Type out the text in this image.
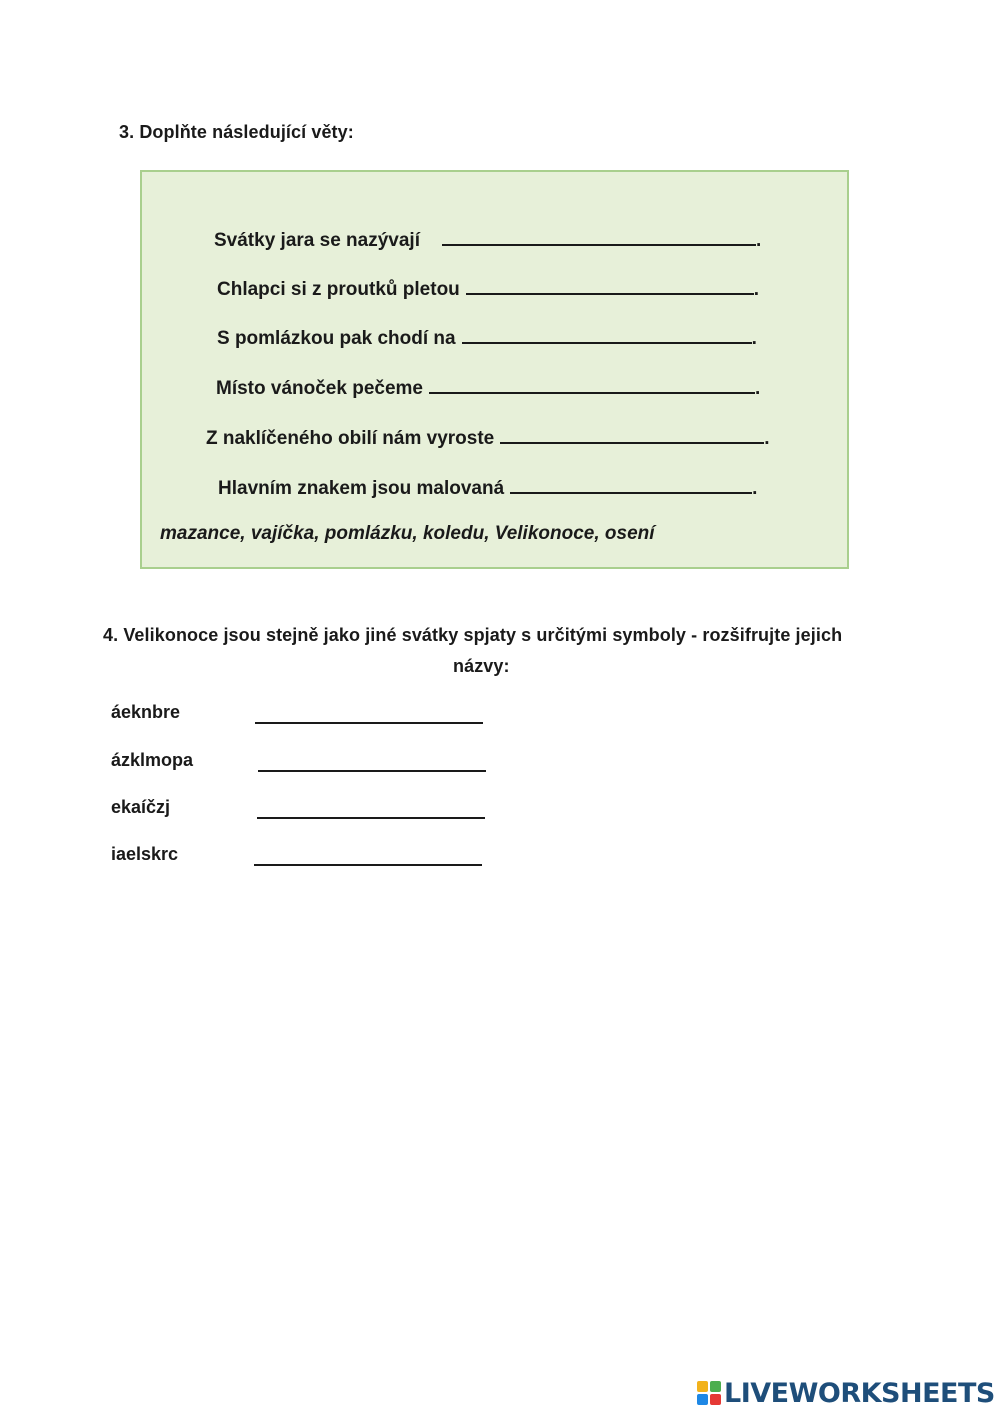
3. Doplňte následující věty:
Svátky jara se nazývají	.
Chlapci si z proutků pletou	.
S pomlázkou pak chodí na	.
Místo vánoček pečeme	.
Z naklíčeného obilí nám vyroste	.
Hlavním znakem jsou malovaná	.
mazance, vajíčka, pomlázku, koledu, Velikonoce, osení
4. Velikonoce jsou stejně jako jiné svátky spjaty s určitými symboly - rozšifrujte jejich
názvy:
áeknbre
ázklmopa
ekaíčzj
iaelskrc
LIVEWORKSHEETS
